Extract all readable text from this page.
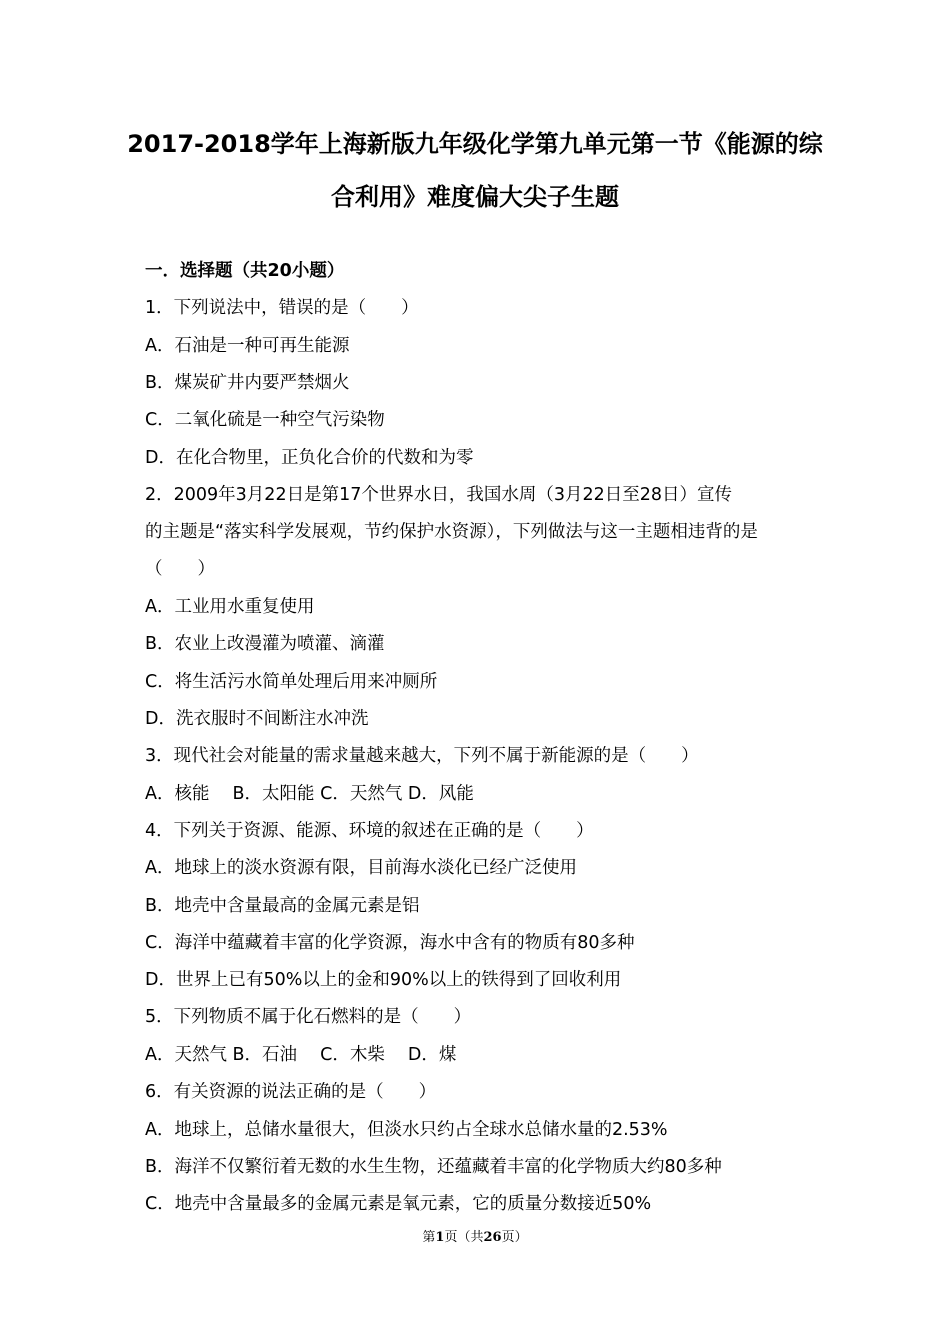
2017-2018学年上海新版九年级化学第九单元第一节《能源的综
合利用》难度偏大尖子生题
一．选择题（共20小题）
1．下列说法中，错误的是（　　）
A．石油是一种可再生能源
B．煤炭矿井内要严禁烟火
C．二氧化硫是一种空气污染物
D．在化合物里，正负化合价的代数和为零
2．2009年3月22日是第17个世界水日，我国水周（3月22日至28日）宣传
的主题是“落实科学发展观，节约保护水资源），下列做法与这一主题相违背的是
（　　）
A．工业用水重复使用
B．农业上改漫灌为喷灌、滴灌
C．将生活污水简单处理后用来冲厕所
D．洗衣服时不间断注水冲洗
3．现代社会对能量的需求量越来越大，下列不属于新能源的是（　　）
A．核能　 B．太阳能 C．天然气 D．风能
4．下列关于资源、能源、环境的叙述在正确的是（　　）
A．地球上的淡水资源有限，目前海水淡化已经广泛使用
B．地壳中含量最高的金属元素是铝
C．海洋中蕴藏着丰富的化学资源，海水中含有的物质有80多种
D．世界上已有50%以上的金和90%以上的铁得到了回收利用
5．下列物质不属于化石燃料的是（　　）
A．天然气 B．石油　 C．木柴　 D．煤
6．有关资源的说法正确的是（　　）
A．地球上，总储水量很大，但淡水只约占全球水总储水量的2.53%
B．海洋不仅繁衍着无数的水生生物，还蕴藏着丰富的化学物质大约80多种
C．地壳中含量最多的金属元素是氧元素，它的质量分数接近50%
第1页（共26页）
